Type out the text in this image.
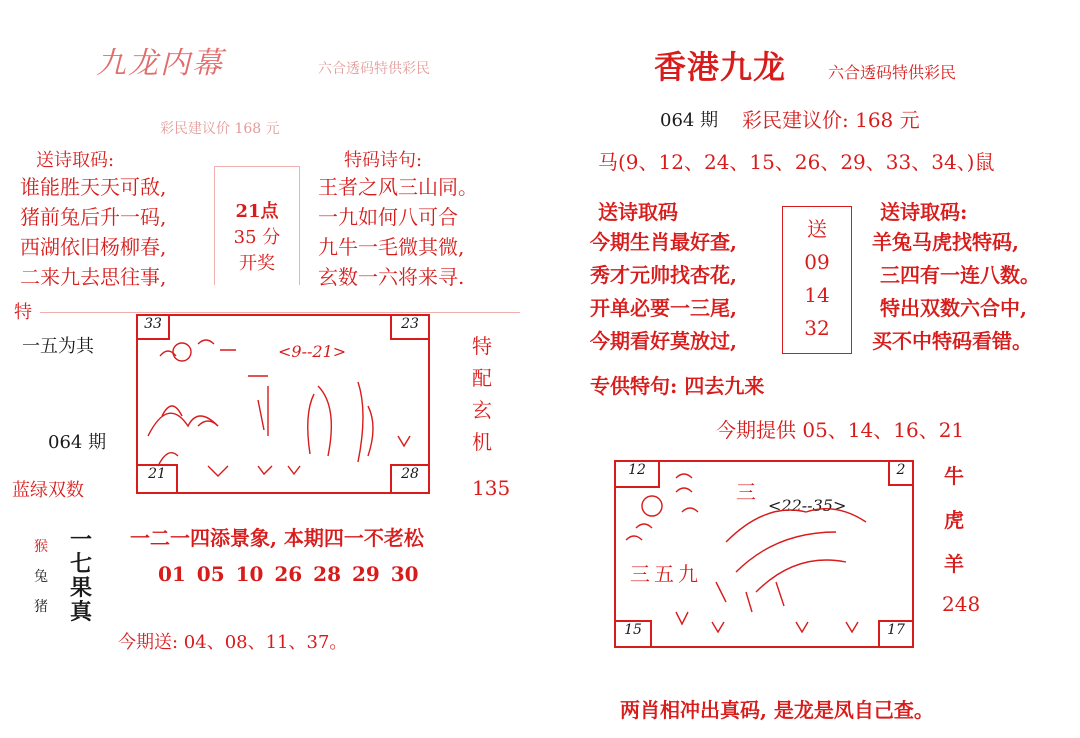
九龙内幕	六合透码特供彩民
彩民建议价 168 元
送诗取码:
谁能胜天天可敌,
猪前兔后升一码,
西湖依旧杨柳春,
二来九去思往事,
21点
35 分
开奖
特码诗句:
王者之风三山同。
一九如何八可合
九牛一毛微其微,
玄数一六将来寻.
特
一五为其
064 期
蓝绿双数
33	23
21	28
<9--21>	特
配
玄
机
135
猴
兔
猪
一
七
果
真
一二一四添景象, 本期四一不老松
01 05 10 26 28 29 30
今期送: 04、08、11、37。
香港九龙	六合透码特供彩民
064 期 彩民建议价: 168 元
马(9、12、24、15、26、29、33、34、)鼠
送诗取码	送诗取码:
今期生肖最好查,
秀才元帅找杏花,
开单必要一三尾,
今期看好莫放过,
送
09
14
32
羊兔马虎找特码,
三四有一连八数。
特出双数六合中,
买不中特码看错。
专供特句: 四去九来
今期提供 05、14、16、21
12	2
15	17
三
<22--35>
三五九
牛
虎
羊
248
两肖相冲出真码, 是龙是凤自己查。
